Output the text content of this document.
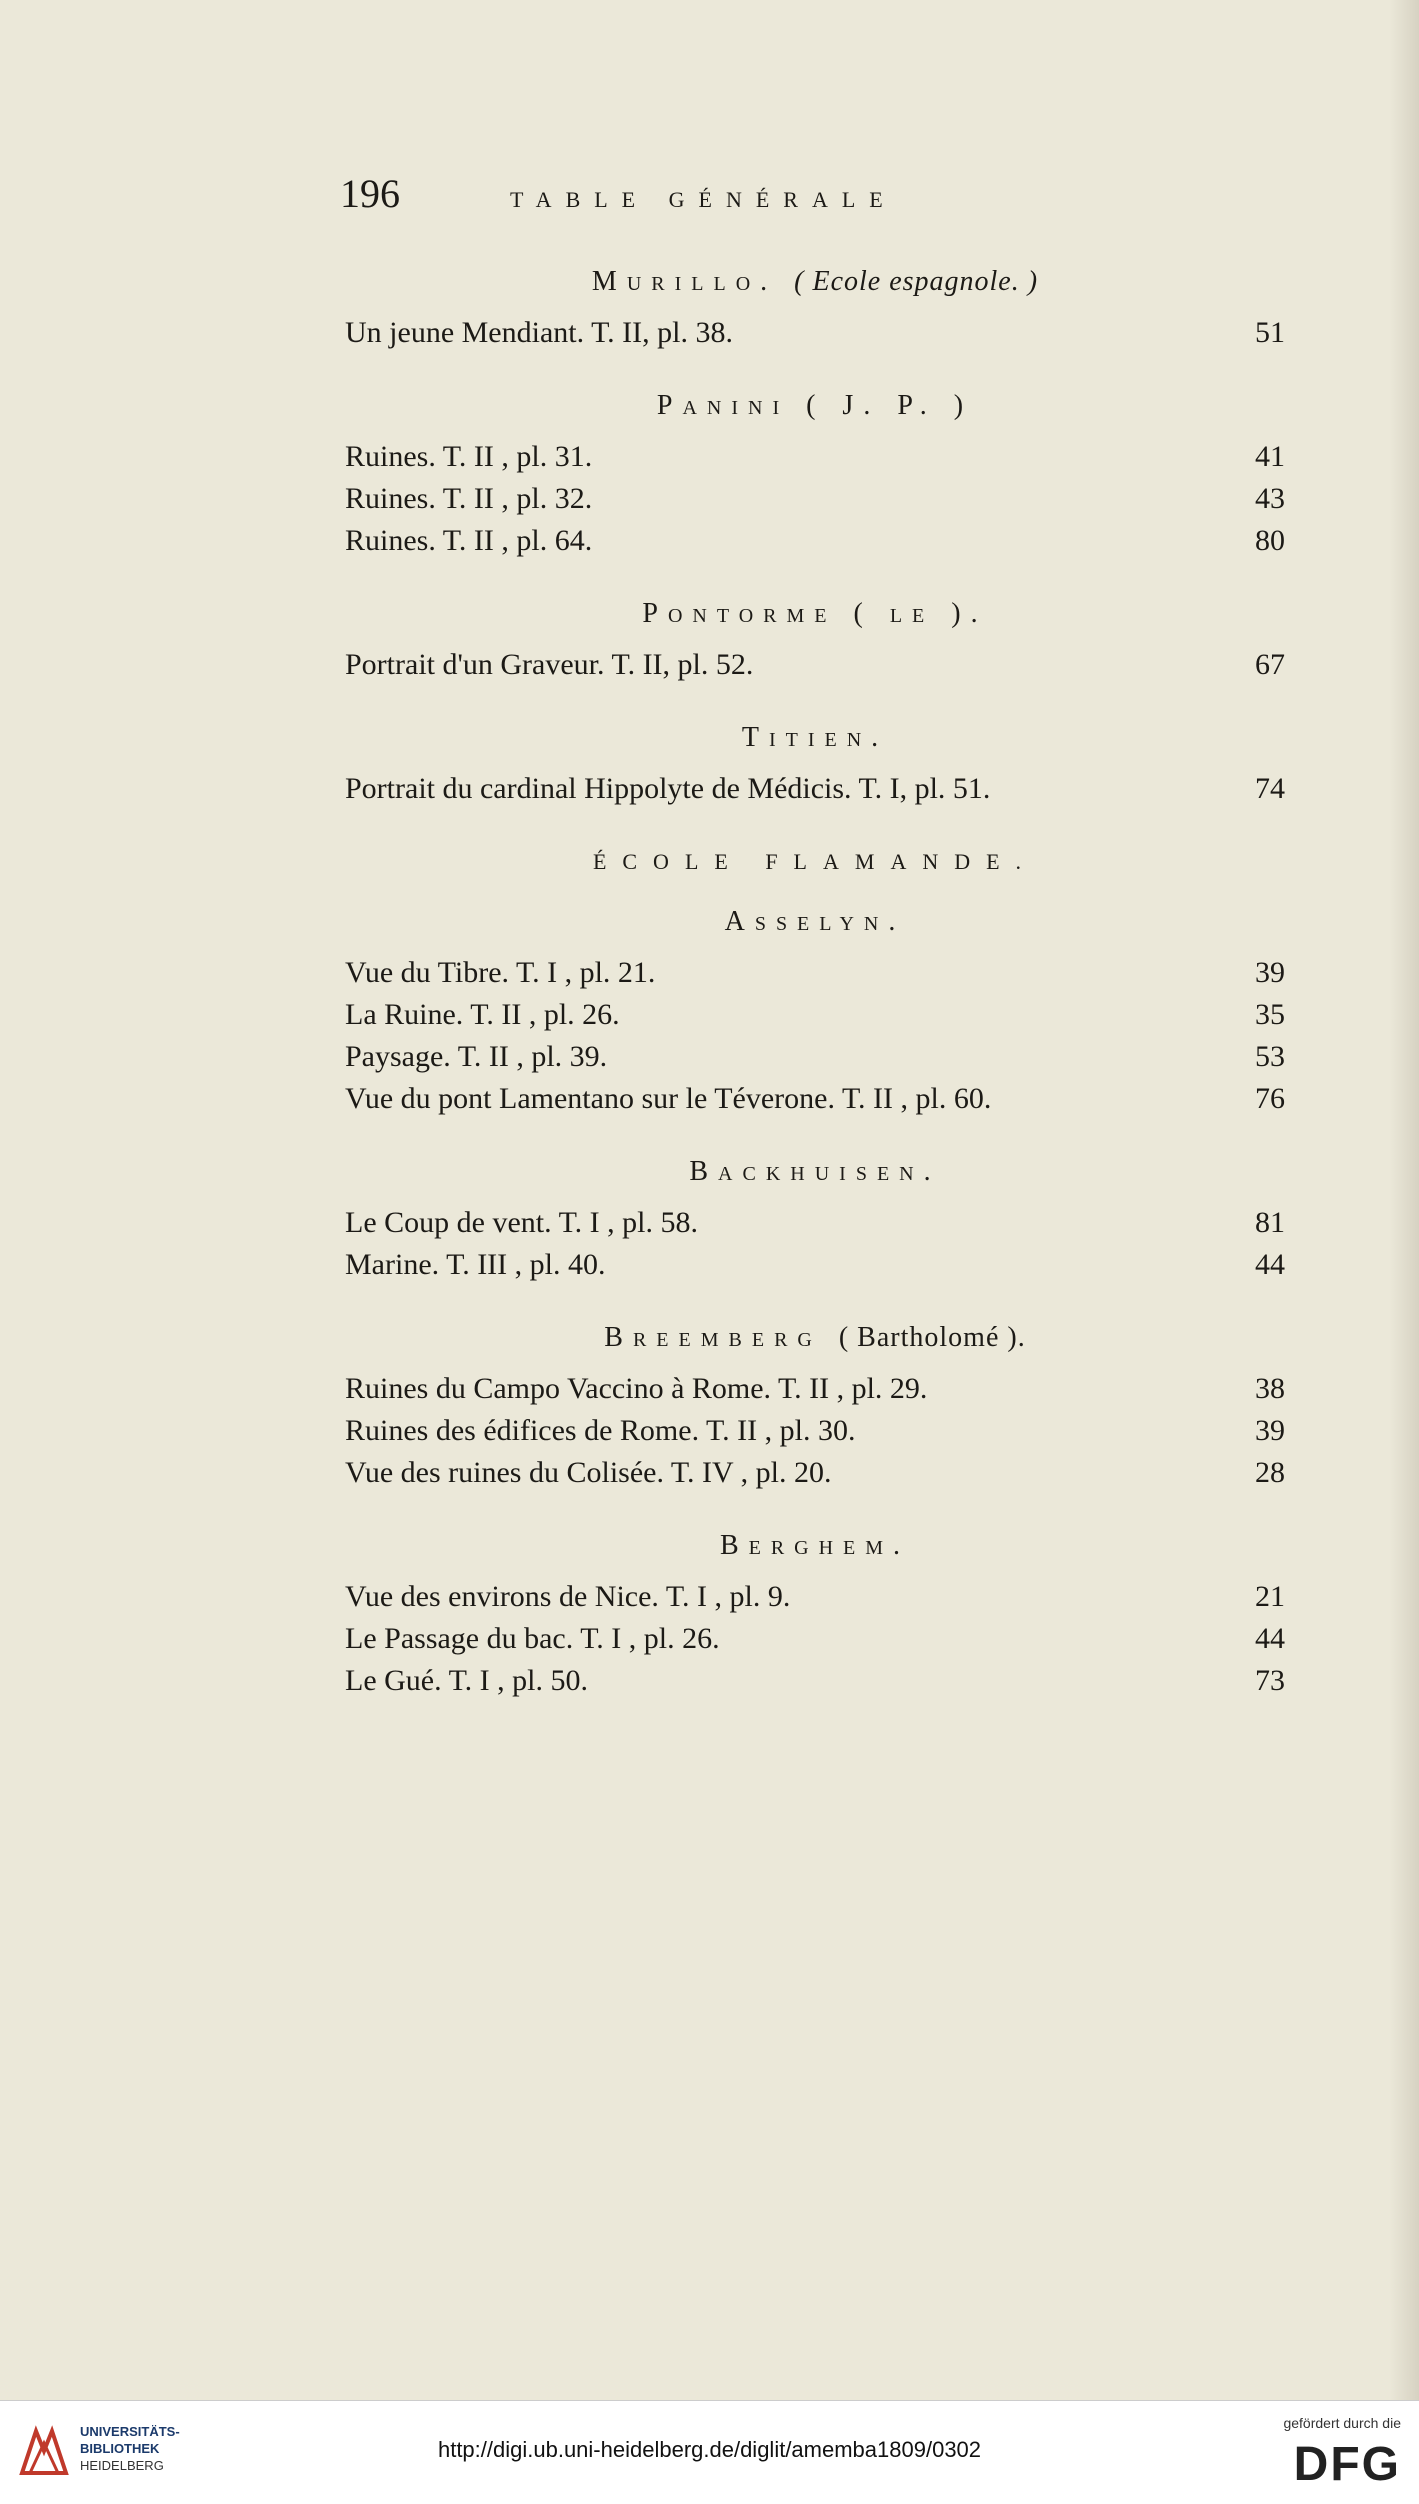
196	TABLE GÉNÉRALE

Murillo. ( Ecole espagnole. )

Un jeune Mendiant. T. II, pl. 38.	51

Panini ( J. P. )

Ruines. T. II , pl. 31.	41
Ruines. T. II , pl. 32.	43
Ruines. T. II , pl. 64.	80

Pontorme ( le ).

Portrait d'un Graveur. T. II, pl. 52.	67

Titien.

Portrait du cardinal Hippolyte de Médicis. T. I, pl. 51.	74

ÉCOLE FLAMANDE.

Asselyn.

Vue du Tibre. T. I , pl. 21.	39
La Ruine. T. II , pl. 26.	35
Paysage. T. II , pl. 39.	53
Vue du pont Lamentano sur le Téverone. T. II , pl. 60.	76

Backhuisen.

Le Coup de vent. T. I , pl. 58.	81
Marine. T. III , pl. 40.	44

Breemberg ( Bartholomé ).

Ruines du Campo Vaccino à Rome. T. II , pl. 29.	38
Ruines des édifices de Rome. T. II , pl. 30.	39
Vue des ruines du Colisée. T. IV , pl. 20.	28

Berghem.

Vue des environs de Nice. T. I , pl. 9.	21
Le Passage du bac. T. I , pl. 26.	44
Le Gué. T. I , pl. 50.	73
UNIVERSITÄTS-
BIBLIOTHEK
HEIDELBERG
http://digi.ub.uni-heidelberg.de/diglit/amemba1809/0302
gefördert durch die
DFG
